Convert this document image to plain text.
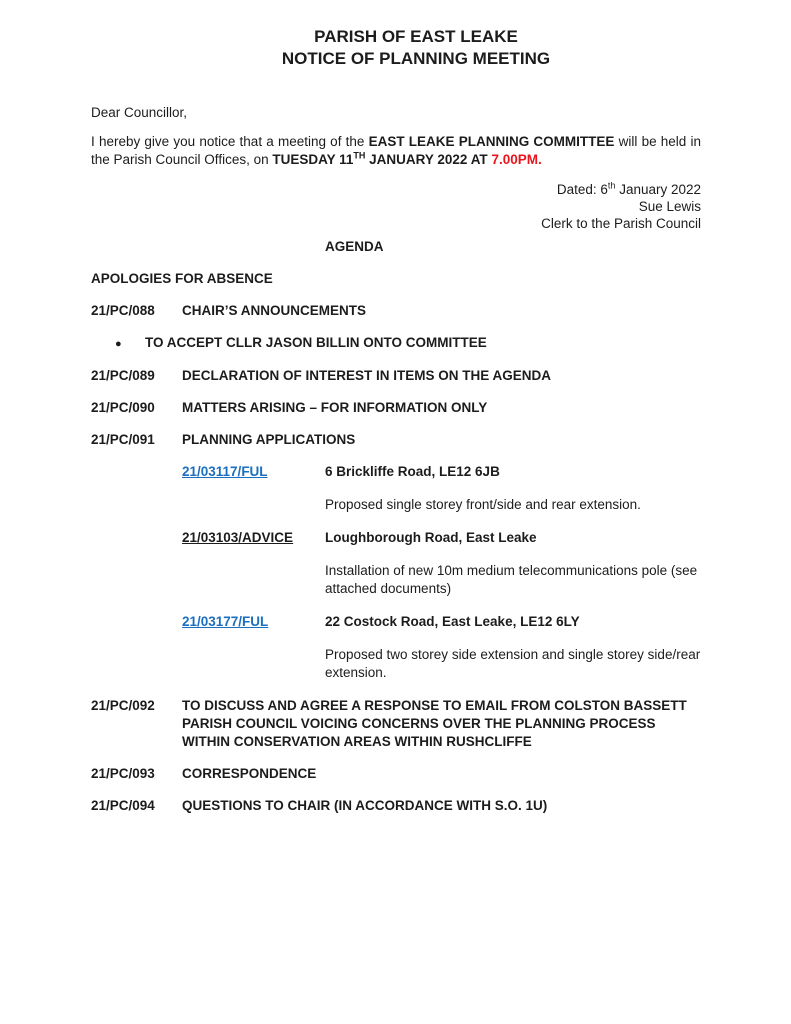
PARISH OF EAST LEAKE
NOTICE OF PLANNING MEETING

Dear Councillor,

I hereby give you notice that a meeting of the EAST LEAKE PLANNING COMMITTEE will be held in the Parish Council Offices, on TUESDAY 11TH JANUARY 2022 AT 7.00PM.

Dated: 6th January 2022
Sue Lewis
Clerk to the Parish Council
AGENDA
APOLOGIES FOR ABSENCE
21/PC/088	CHAIR’S ANNOUNCEMENTS
●	TO ACCEPT CLLR JASON BILLIN ONTO COMMITTEE
21/PC/089	DECLARATION OF INTEREST IN ITEMS ON THE AGENDA
21/PC/090	MATTERS ARISING – FOR INFORMATION ONLY
21/PC/091	PLANNING APPLICATIONS
21/03117/FUL	6 Brickliffe Road, LE12 6JB

Proposed single storey front/side and rear extension.

21/03103/ADVICE	Loughborough Road, East Leake

Installation of new 10m medium telecommunications pole (see attached documents)

21/03177/FUL	22 Costock Road, East Leake, LE12 6LY

Proposed two storey side extension and single storey side/rear extension.

21/PC/092	TO DISCUSS AND AGREE A RESPONSE TO EMAIL FROM COLSTON BASSETT PARISH COUNCIL VOICING CONCERNS OVER THE PLANNING PROCESS WITHIN CONSERVATION AREAS WITHIN RUSHCLIFFE
21/PC/093	CORRESPONDENCE
21/PC/094	QUESTIONS TO CHAIR (IN ACCORDANCE WITH S.O. 1U)
